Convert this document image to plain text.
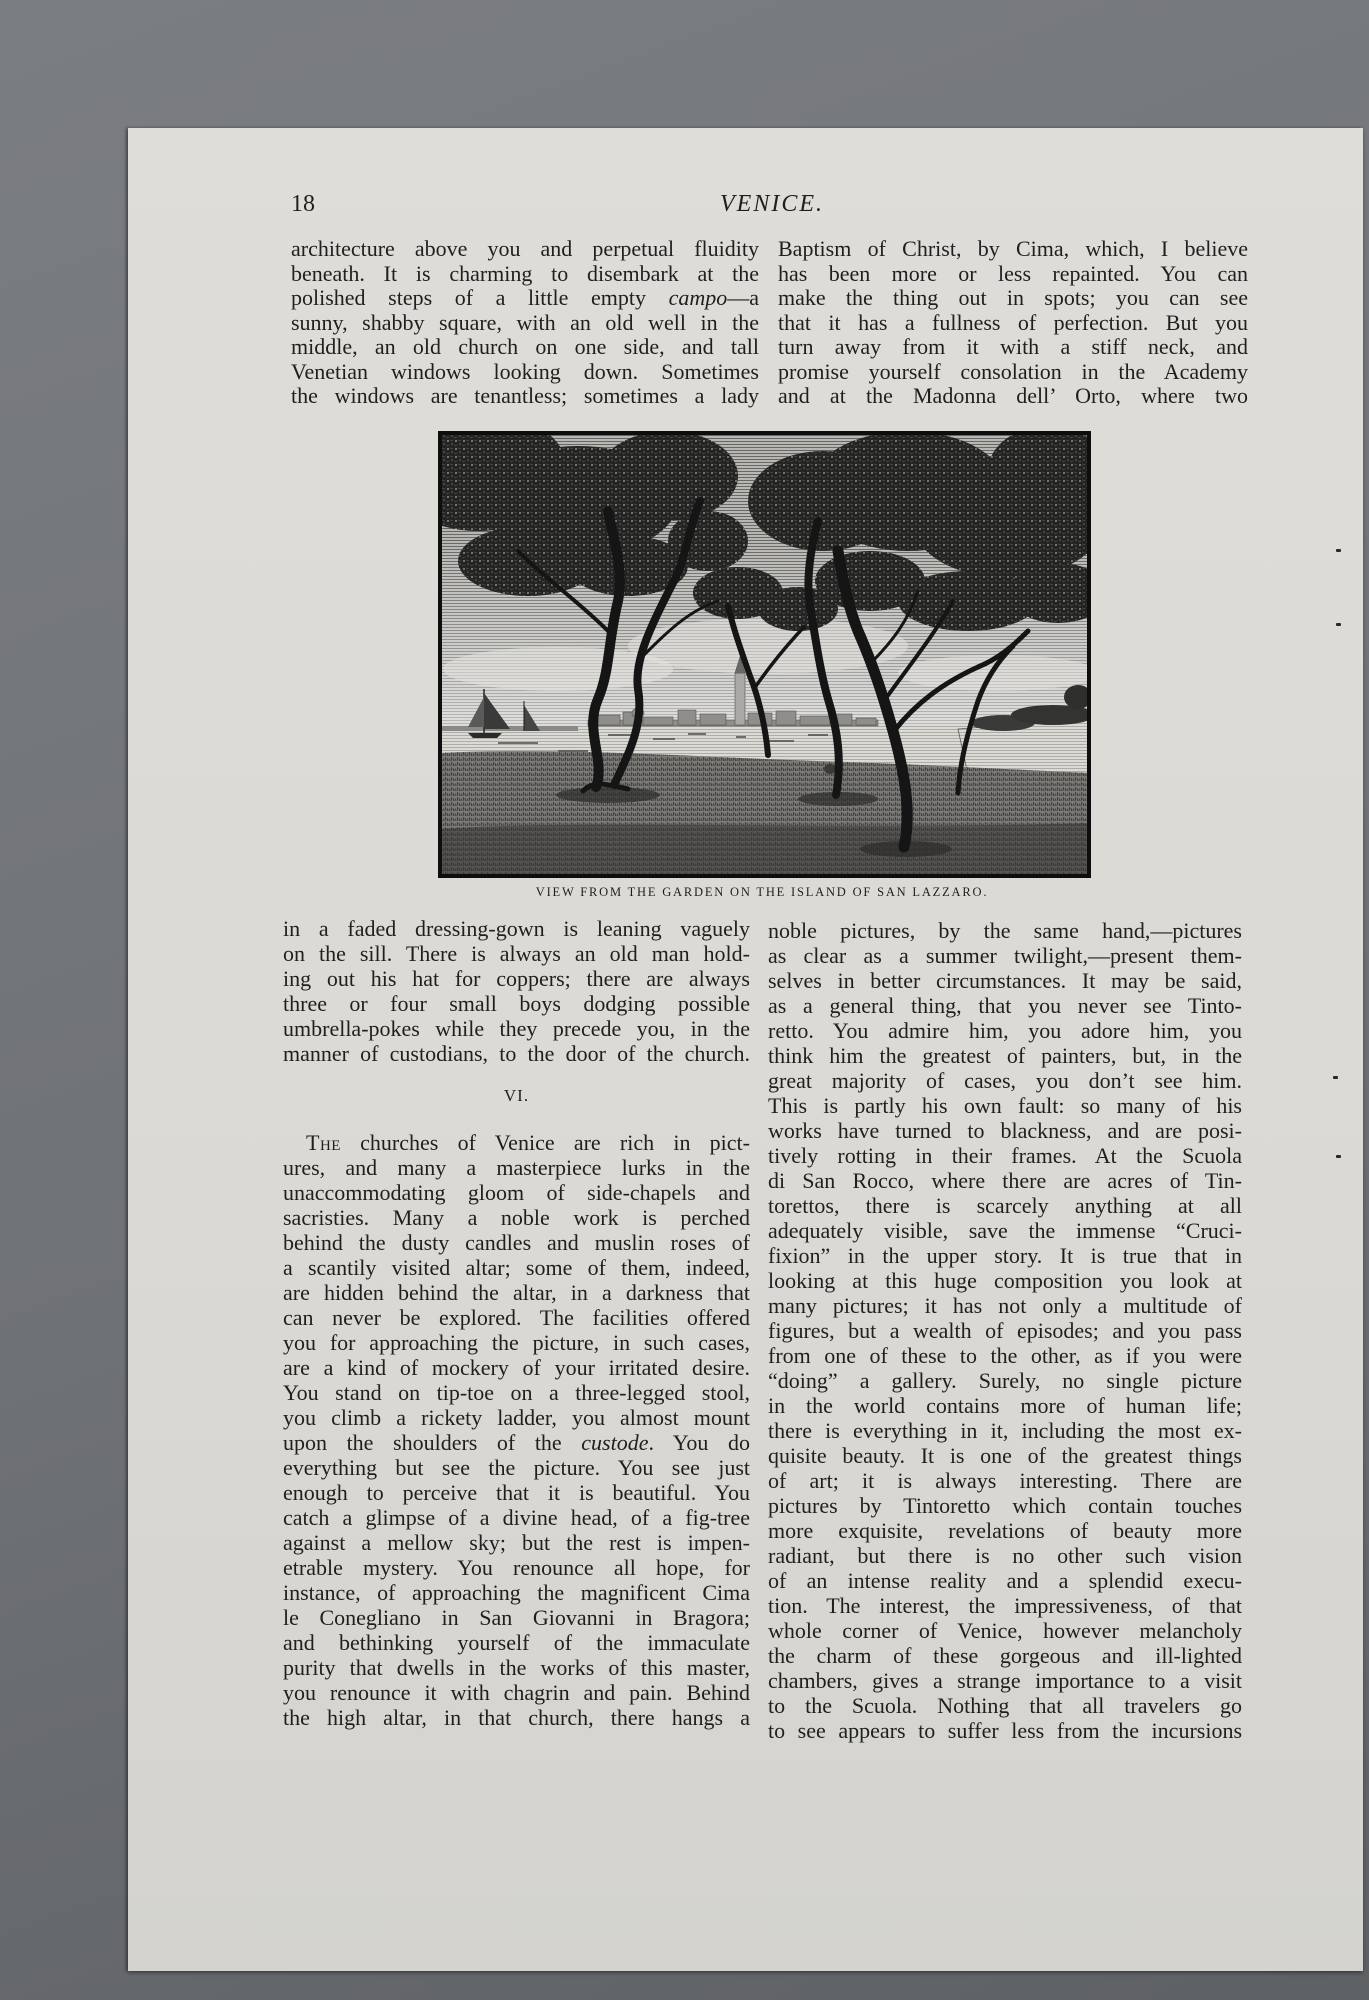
18	VENICE.
architecture above you and perpetual fluidity
beneath. It is charming to disembark at the
polished steps of a little empty campo—a
sunny, shabby square, with an old well in the
middle, an old church on one side, and tall
Venetian windows looking down. Sometimes
the windows are tenantless; sometimes a lady
Baptism of Christ, by Cima, which, I believe
has been more or less repainted. You can
make the thing out in spots; you can see
that it has a fullness of perfection. But you
turn away from it with a stiff neck, and
promise yourself consolation in the Academy
and at the Madonna dell’ Orto, where two
VIEW FROM THE GARDEN ON THE ISLAND OF SAN LAZZARO.
in a faded dressing-gown is leaning vaguely
on the sill. There is always an old man hold-
ing out his hat for coppers; there are always
three or four small boys dodging possible
umbrella-pokes while they precede you, in the
manner of custodians, to the door of the church.
VI.
The churches of Venice are rich in pict-
ures, and many a masterpiece lurks in the
unaccommodating gloom of side-chapels and
sacristies. Many a noble work is perched
behind the dusty candles and muslin roses of
a scantily visited altar; some of them, indeed,
are hidden behind the altar, in a darkness that
can never be explored. The facilities offered
you for approaching the picture, in such cases,
are a kind of mockery of your irritated desire.
You stand on tip-toe on a three-legged stool,
you climb a rickety ladder, you almost mount
upon the shoulders of the custode. You do
everything but see the picture. You see just
enough to perceive that it is beautiful. You
catch a glimpse of a divine head, of a fig-tree
against a mellow sky; but the rest is impen-
etrable mystery. You renounce all hope, for
instance, of approaching the magnificent Cima
le Conegliano in San Giovanni in Bragora;
and bethinking yourself of the immaculate
purity that dwells in the works of this master,
you renounce it with chagrin and pain. Behind
the high altar, in that church, there hangs a
noble pictures, by the same hand,—pictures
as clear as a summer twilight,—present them-
selves in better circumstances. It may be said,
as a general thing, that you never see Tinto-
retto. You admire him, you adore him, you
think him the greatest of painters, but, in the
great majority of cases, you don’t see him.
This is partly his own fault: so many of his
works have turned to blackness, and are posi-
tively rotting in their frames. At the Scuola
di San Rocco, where there are acres of Tin-
torettos, there is scarcely anything at all
adequately visible, save the immense “Cruci-
fixion” in the upper story. It is true that in
looking at this huge composition you look at
many pictures; it has not only a multitude of
figures, but a wealth of episodes; and you pass
from one of these to the other, as if you were
“doing” a gallery. Surely, no single picture
in the world contains more of human life;
there is everything in it, including the most ex-
quisite beauty. It is one of the greatest things
of art; it is always interesting. There are
pictures by Tintoretto which contain touches
more exquisite, revelations of beauty more
radiant, but there is no other such vision
of an intense reality and a splendid execu-
tion. The interest, the impressiveness, of that
whole corner of Venice, however melancholy
the charm of these gorgeous and ill-lighted
chambers, gives a strange importance to a visit
to the Scuola. Nothing that all travelers go
to see appears to suffer less from the incursions
